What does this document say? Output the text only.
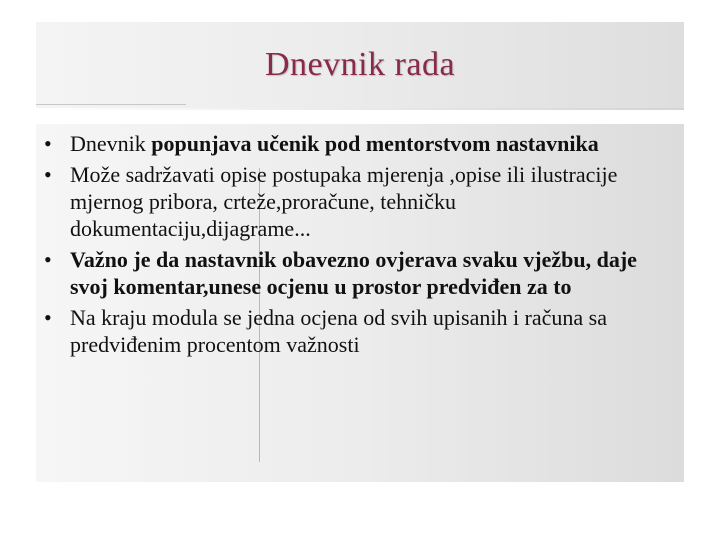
Dnevnik rada
• Dnevnik popunjava učenik pod mentorstvom nastavnika
• Može sadržavati opise postupaka mjerenja ,opise ili ilustracije mjernog pribora, crteže,proračune, tehničku dokumentaciju,dijagrame...
• Važno je da nastavnik obavezno ovjerava svaku vježbu, daje svoj komentar,unese ocjenu u prostor predviđen za to
• Na kraju modula se jedna ocjena od svih upisanih i računa sa predviđenim procentom važnosti
